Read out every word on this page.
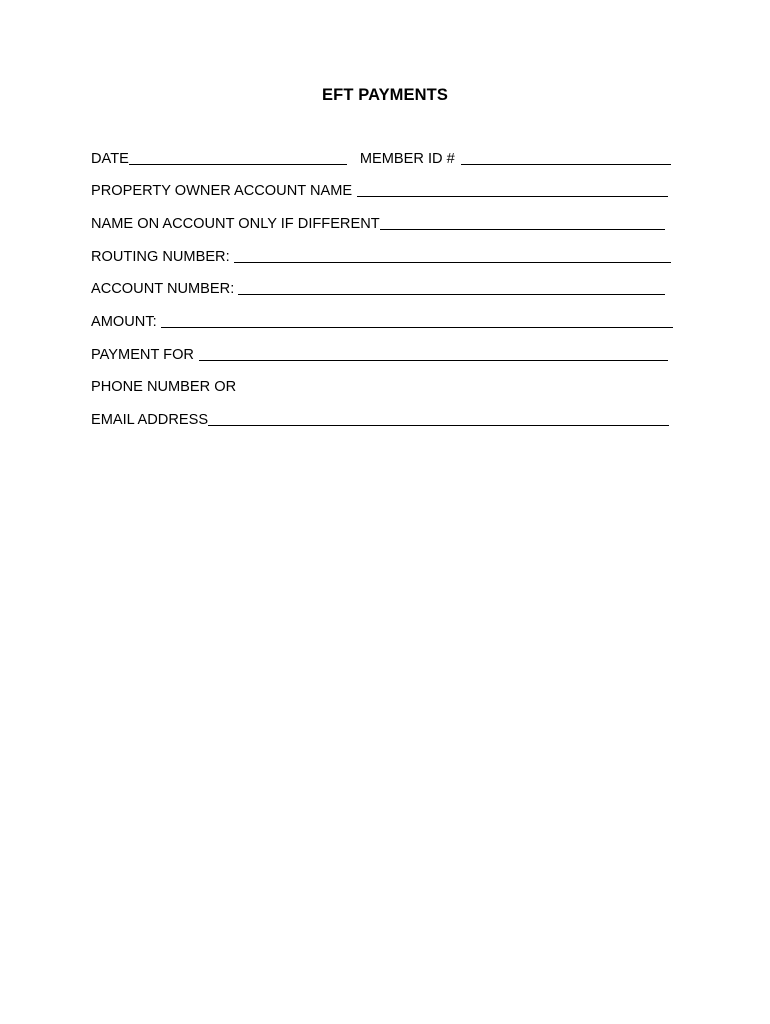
EFT PAYMENTS
DATE	MEMBER ID #
PROPERTY OWNER ACCOUNT NAME
NAME ON ACCOUNT ONLY IF DIFFERENT
ROUTING NUMBER:
ACCOUNT NUMBER:
AMOUNT:
PAYMENT FOR
PHONE NUMBER OR
EMAIL ADDRESS
